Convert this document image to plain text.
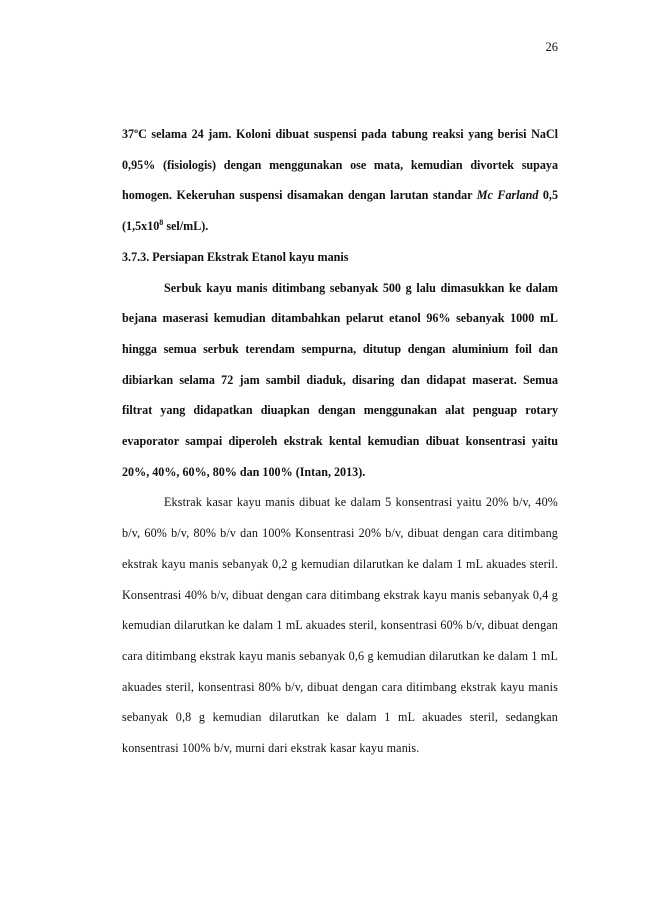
26

37ºC selama 24 jam. Koloni dibuat suspensi pada tabung reaksi yang berisi NaCl 0,95% (fisiologis) dengan menggunakan ose mata, kemudian divortek supaya homogen. Kekeruhan suspensi disamakan dengan larutan standar Mc Farland 0,5 ($1,5x10^8$ sel/mL).

3.7.3. Persiapan Ekstrak Etanol kayu manis

Serbuk kayu manis ditimbang sebanyak 500 g lalu dimasukkan ke dalam bejana maserasi kemudian ditambahkan pelarut etanol 96% sebanyak 1000 mL hingga semua serbuk terendam sempurna, ditutup dengan aluminium foil dan dibiarkan selama 72 jam sambil diaduk, disaring dan didapat maserat. Semua filtrat yang didapatkan diuapkan dengan menggunakan alat penguap rotary evaporator sampai diperoleh ekstrak kental kemudian dibuat konsentrasi yaitu 20%, 40%, 60%, 80% dan 100% (Intan, 2013).

Ekstrak kasar kayu manis dibuat ke dalam 5 konsentrasi yaitu 20% b/v, 40% b/v, 60% b/v, 80% b/v dan 100% Konsentrasi 20% b/v, dibuat dengan cara ditimbang ekstrak kayu manis sebanyak 0,2 g kemudian dilarutkan ke dalam 1 mL akuades steril. Konsentrasi 40% b/v, dibuat dengan cara ditimbang ekstrak kayu manis sebanyak 0,4 g kemudian dilarutkan ke dalam 1 mL akuades steril, konsentrasi 60% b/v, dibuat dengan cara ditimbang ekstrak kayu manis sebanyak 0,6 g kemudian dilarutkan ke dalam 1 mL akuades steril, konsentrasi 80% b/v, dibuat dengan cara ditimbang ekstrak kayu manis sebanyak 0,8 g kemudian dilarutkan ke dalam 1 mL akuades steril, sedangkan konsentrasi 100% b/v, murni dari ekstrak kasar kayu manis.
